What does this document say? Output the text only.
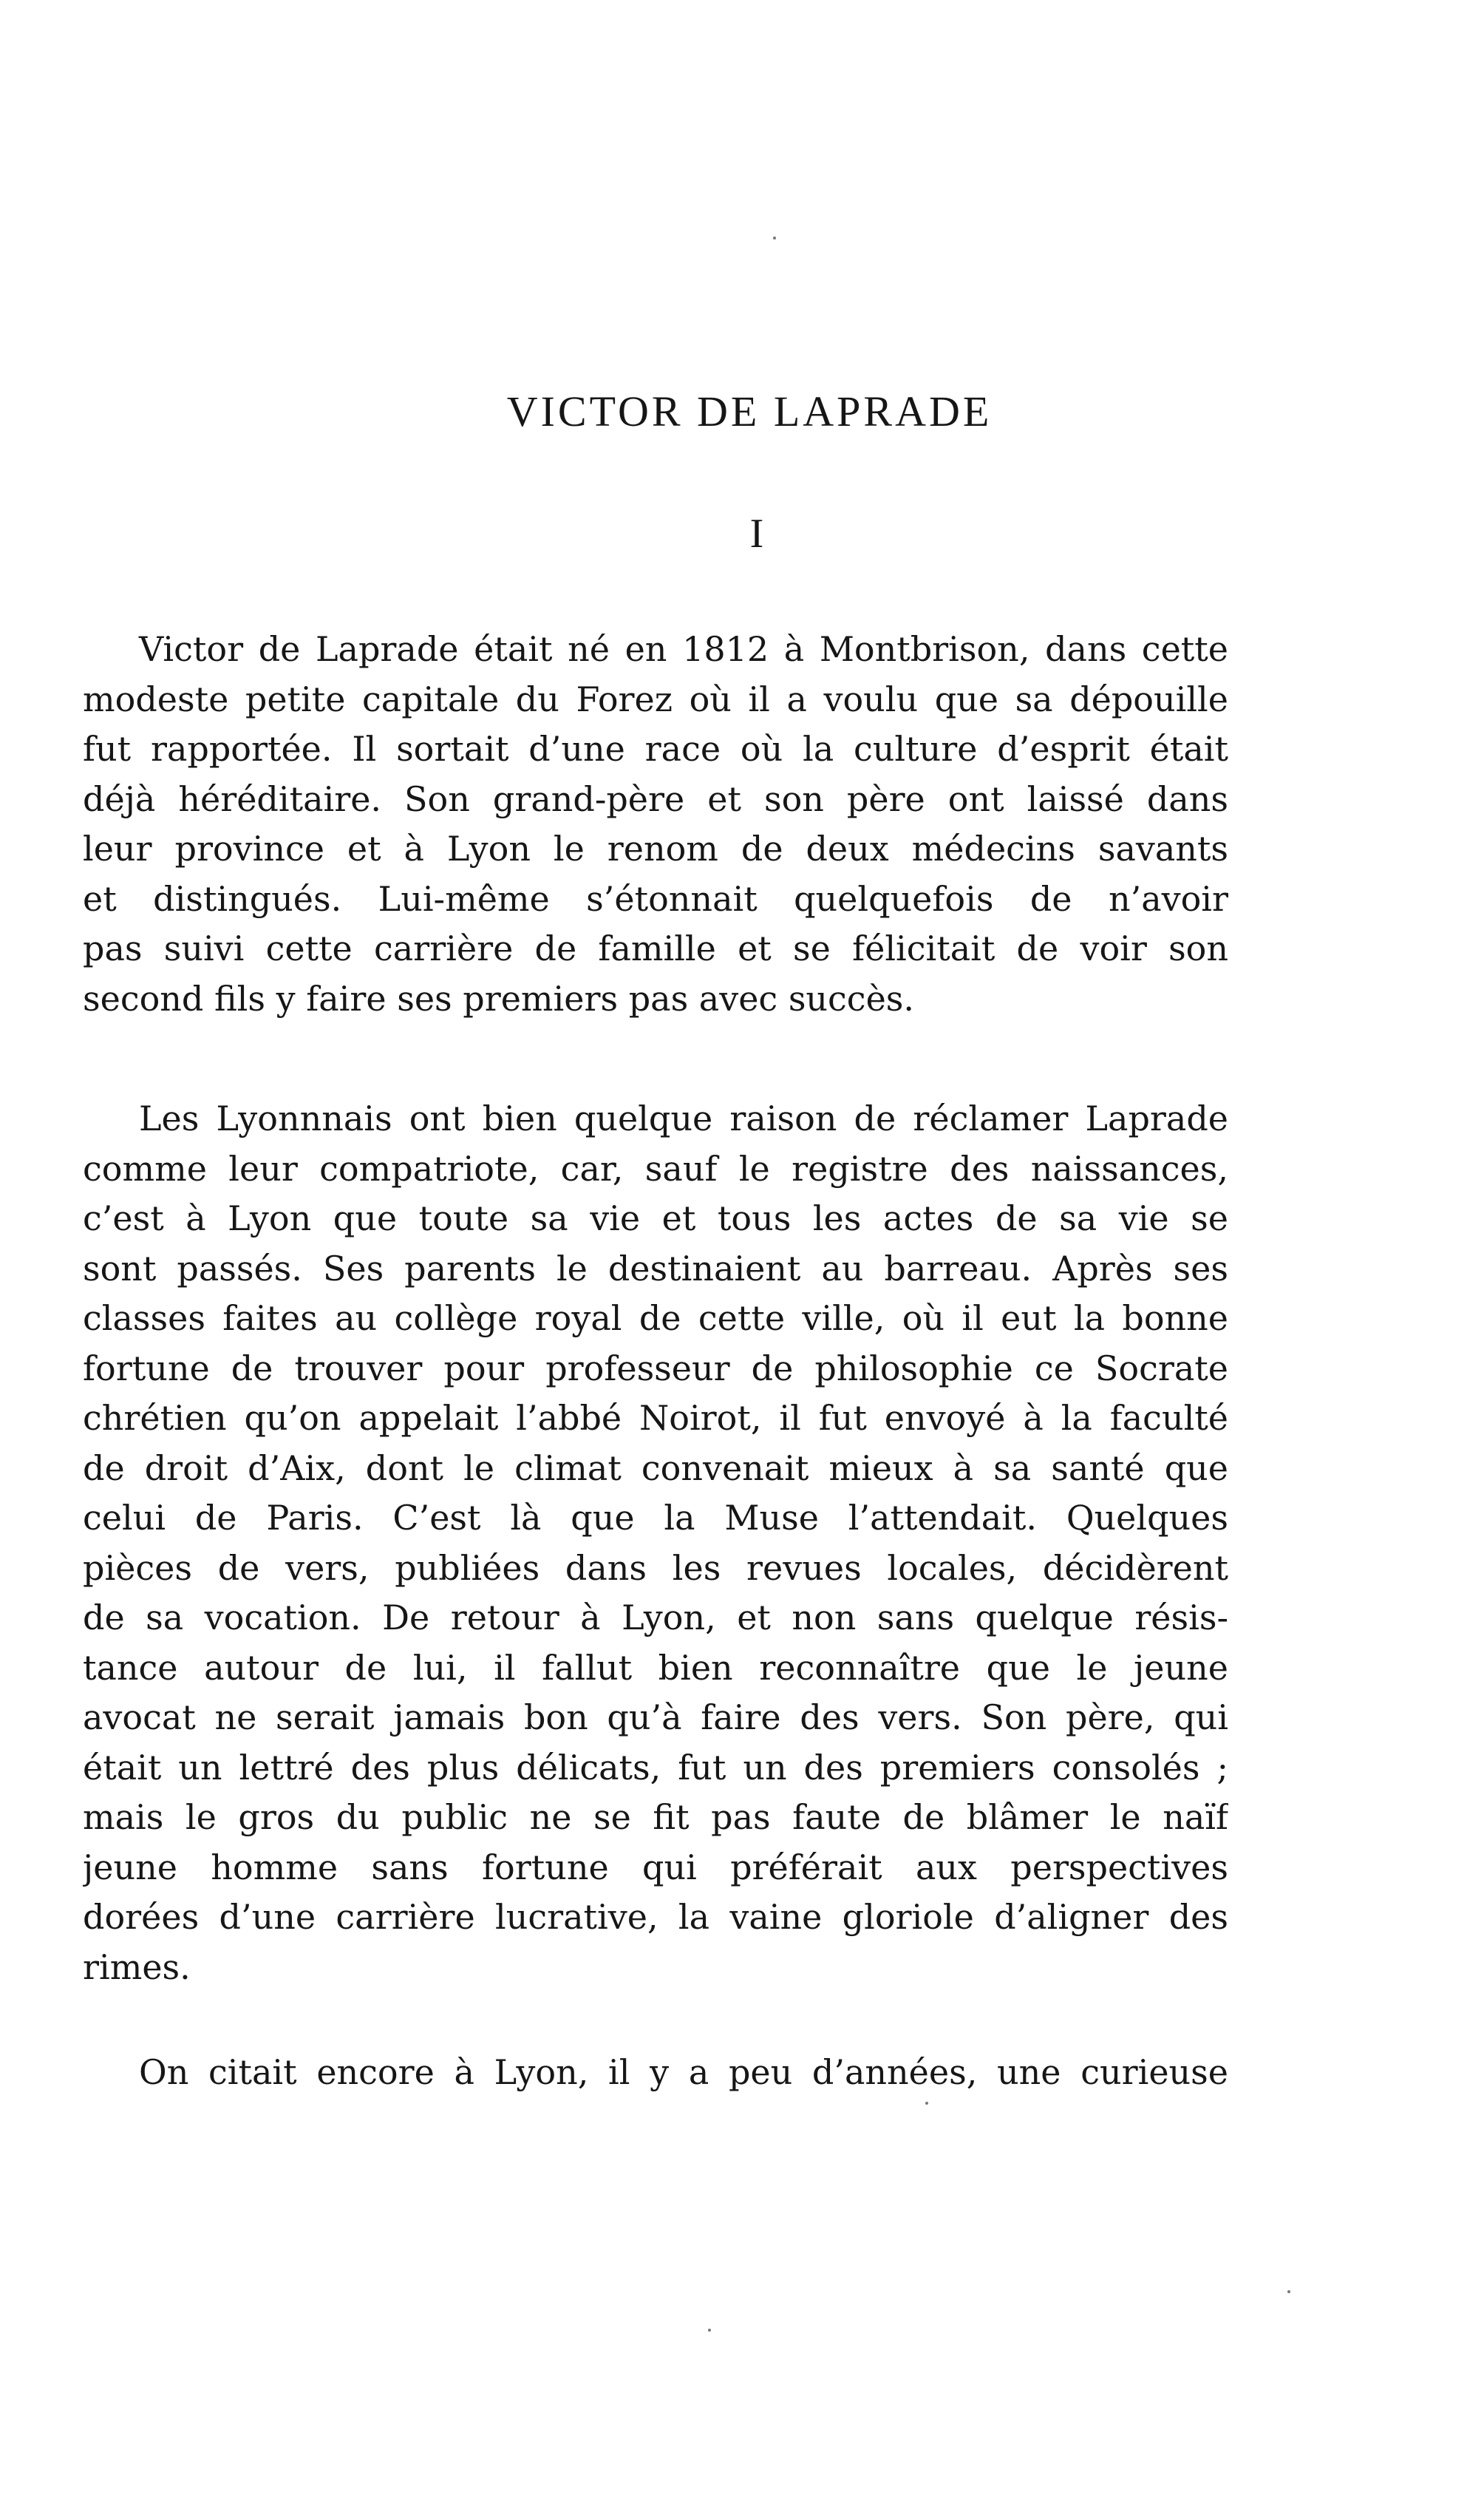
VICTOR DE LAPRADE
I

Victor de Laprade était né en 1812 à Montbrison, dans cette
modeste petite capitale du Forez où il a voulu que sa dépouille
fut rapportée. Il sortait d’une race où la culture d’esprit était
déjà héréditaire. Son grand-père et son père ont laissé dans
leur province et à Lyon le renom de deux médecins savants
et distingués. Lui-même s’étonnait quelquefois de n’avoir
pas suivi cette carrière de famille et se félicitait de voir son
second fils y faire ses premiers pas avec succès.

Les Lyonnnais ont bien quelque raison de réclamer Laprade
comme leur compatriote, car, sauf le registre des naissances,
c’est à Lyon que toute sa vie et tous les actes de sa vie se
sont passés. Ses parents le destinaient au barreau. Après ses
classes faites au collège royal de cette ville, où il eut la bonne
fortune de trouver pour professeur de philosophie ce Socrate
chrétien qu’on appelait l’abbé Noirot, il fut envoyé à la faculté
de droit d’Aix, dont le climat convenait mieux à sa santé que
celui de Paris. C’est là que la Muse l’attendait. Quelques
pièces de vers, publiées dans les revues locales, décidèrent
de sa vocation. De retour à Lyon, et non sans quelque résis-
tance autour de lui, il fallut bien reconnaître que le jeune
avocat ne serait jamais bon qu’à faire des vers. Son père, qui
était un lettré des plus délicats, fut un des premiers consolés ;
mais le gros du public ne se fit pas faute de blâmer le naïf
jeune homme sans fortune qui préférait aux perspectives
dorées d’une carrière lucrative, la vaine gloriole d’aligner des
rimes.

On citait encore à Lyon, il y a peu d’années, une curieuse
